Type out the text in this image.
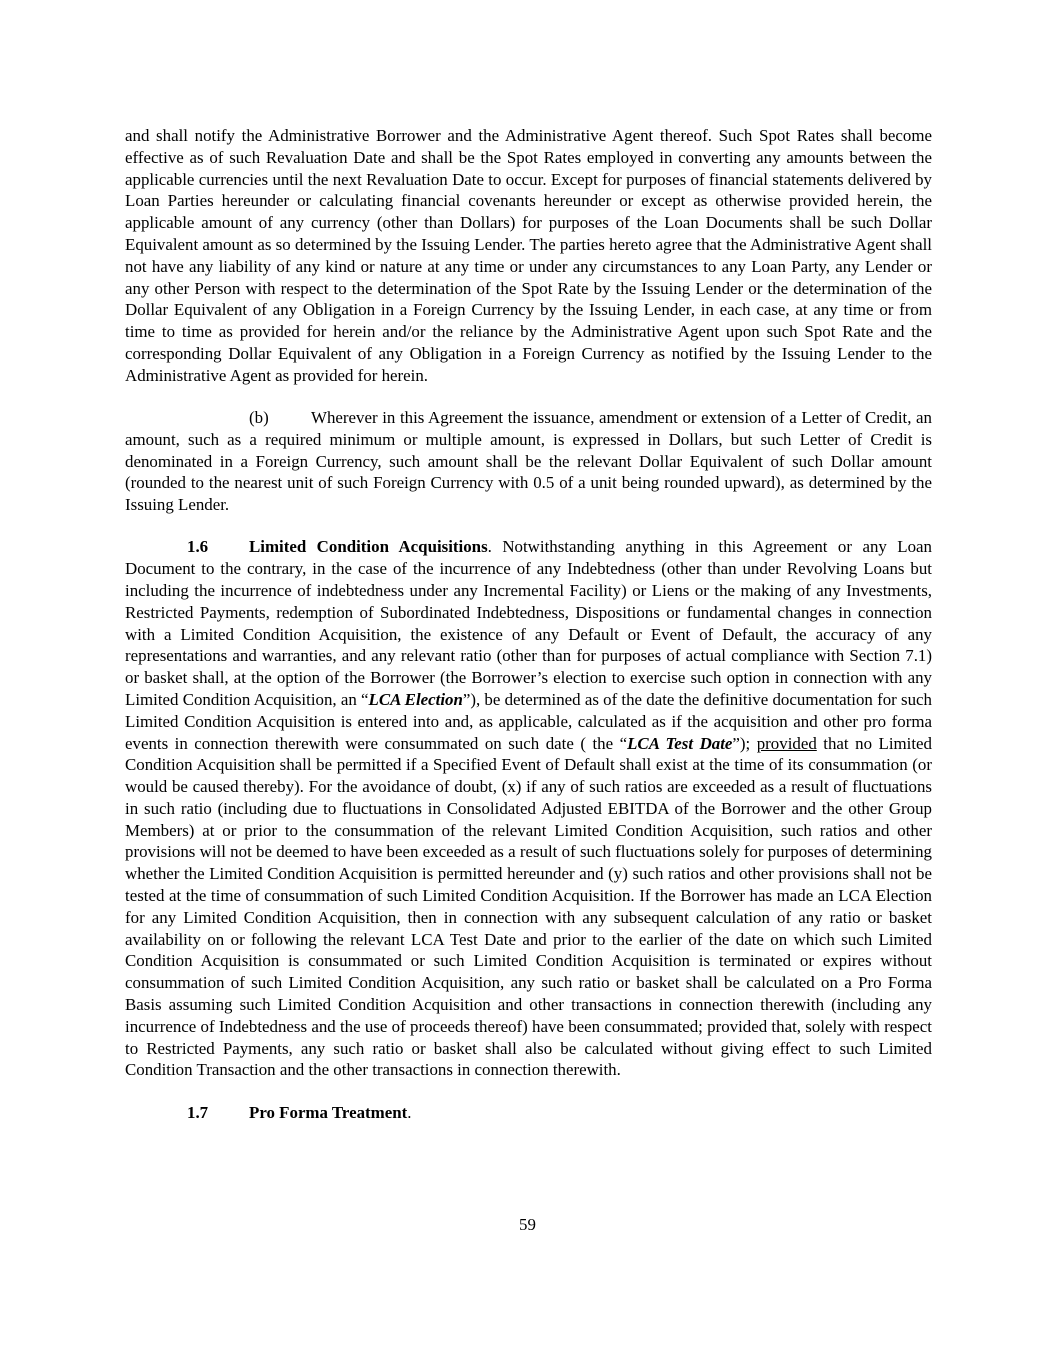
and shall notify the Administrative Borrower and the Administrative Agent thereof. Such Spot Rates shall become effective as of such Revaluation Date and shall be the Spot Rates employed in converting any amounts between the applicable currencies until the next Revaluation Date to occur. Except for purposes of financial statements delivered by Loan Parties hereunder or calculating financial covenants hereunder or except as otherwise provided herein, the applicable amount of any currency (other than Dollars) for purposes of the Loan Documents shall be such Dollar Equivalent amount as so determined by the Issuing Lender. The parties hereto agree that the Administrative Agent shall not have any liability of any kind or nature at any time or under any circumstances to any Loan Party, any Lender or any other Person with respect to the determination of the Spot Rate by the Issuing Lender or the determination of the Dollar Equivalent of any Obligation in a Foreign Currency by the Issuing Lender, in each case, at any time or from time to time as provided for herein and/or the reliance by the Administrative Agent upon such Spot Rate and the corresponding Dollar Equivalent of any Obligation in a Foreign Currency as notified by the Issuing Lender to the Administrative Agent as provided for herein.

(b)	Wherever in this Agreement the issuance, amendment or extension of a Letter of Credit, an amount, such as a required minimum or multiple amount, is expressed in Dollars, but such Letter of Credit is denominated in a Foreign Currency, such amount shall be the relevant Dollar Equivalent of such Dollar amount (rounded to the nearest unit of such Foreign Currency with 0.5 of a unit being rounded upward), as determined by the Issuing Lender.

1.6 Limited Condition Acquisitions. Notwithstanding anything in this Agreement or any Loan Document to the contrary, in the case of the incurrence of any Indebtedness (other than under Revolving Loans but including the incurrence of indebtedness under any Incremental Facility) or Liens or the making of any Investments, Restricted Payments, redemption of Subordinated Indebtedness, Dispositions or fundamental changes in connection with a Limited Condition Acquisition, the existence of any Default or Event of Default, the accuracy of any representations and warranties, and any relevant ratio (other than for purposes of actual compliance with Section 7.1) or basket shall, at the option of the Borrower (the Borrower’s election to exercise such option in connection with any Limited Condition Acquisition, an “LCA Election”), be determined as of the date the definitive documentation for such Limited Condition Acquisition is entered into and, as applicable, calculated as if the acquisition and other pro forma events in connection therewith were consummated on such date ( the “LCA Test Date”); provided that no Limited Condition Acquisition shall be permitted if a Specified Event of Default shall exist at the time of its consummation (or would be caused thereby). For the avoidance of doubt, (x) if any of such ratios are exceeded as a result of fluctuations in such ratio (including due to fluctuations in Consolidated Adjusted EBITDA of the Borrower and the other Group Members) at or prior to the consummation of the relevant Limited Condition Acquisition, such ratios and other provisions will not be deemed to have been exceeded as a result of such fluctuations solely for purposes of determining whether the Limited Condition Acquisition is permitted hereunder and (y) such ratios and other provisions shall not be tested at the time of consummation of such Limited Condition Acquisition. If the Borrower has made an LCA Election for any Limited Condition Acquisition, then in connection with any subsequent calculation of any ratio or basket availability on or following the relevant LCA Test Date and prior to the earlier of the date on which such Limited Condition Acquisition is consummated or such Limited Condition Acquisition is terminated or expires without consummation of such Limited Condition Acquisition, any such ratio or basket shall be calculated on a Pro Forma Basis assuming such Limited Condition Acquisition and other transactions in connection therewith (including any incurrence of Indebtedness and the use of proceeds thereof) have been consummated; provided that, solely with respect to Restricted Payments, any such ratio or basket shall also be calculated without giving effect to such Limited Condition Transaction and the other transactions in connection therewith.

1.7 Pro Forma Treatment.

59
